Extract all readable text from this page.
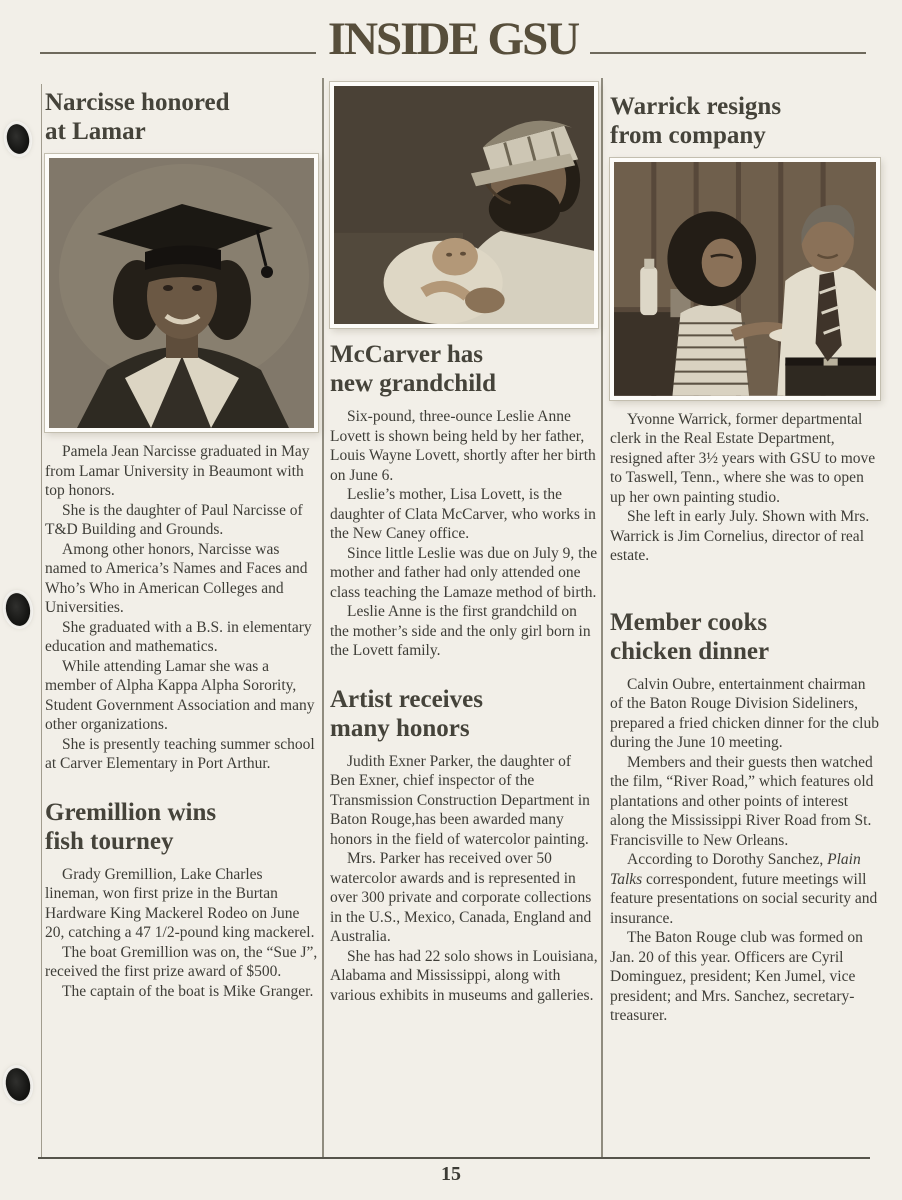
INSIDE GSU
Narcisse honored
at Lamar

Pamela Jean Narcisse graduated in May from Lamar University in Beaumont with top honors.

She is the daughter of Paul Narcisse of T&D Building and Grounds.

Among other honors, Narcisse was named to America’s Names and Faces and Who’s Who in American Colleges and Universities.

She graduated with a B.S. in elementary education and mathematics.

While attending Lamar she was a member of Alpha Kappa Alpha Sorority, Student Government Association and many other organizations.

She is presently teaching summer school at Carver Elementary in Port Arthur.

Gremillion wins
fish tourney

Grady Gremillion, Lake Charles lineman, won first prize in the Burtan Hardware King Mackerel Rodeo on June 20, catching a 47 1/2-pound king mackerel.

The boat Gremillion was on, the “Sue J”, received the first prize award of $500.

The captain of the boat is Mike Granger.

McCarver has
new grandchild

Six-pound, three-ounce Leslie Anne Lovett is shown being held by her father, Louis Wayne Lovett, shortly after her birth on June 6.

Leslie’s mother, Lisa Lovett, is the daughter of Clata McCarver, who works in the New Caney office.

Since little Leslie was due on July 9, the mother and father had only attended one class teaching the Lamaze method of birth.

Leslie Anne is the first grandchild on the mother’s side and the only girl born in the Lovett family.

Artist receives
many honors

Judith Exner Parker, the daughter of Ben Exner, chief inspector of the Transmission Construction Department in Baton Rouge,has been awarded many honors in the field of watercolor painting.

Mrs. Parker has received over 50 watercolor awards and is represented in over 300 private and corporate collections in the U.S., Mexico, Canada, England and Australia.

She has had 22 solo shows in Louisiana, Alabama and Mississippi, along with various exhibits in museums and galleries.

Warrick resigns
from company

Yvonne Warrick, former departmental clerk in the Real Estate Department, resigned after 3½ years with GSU to move to Taswell, Tenn., where she was to open up her own painting studio.

She left in early July. Shown with Mrs. Warrick is Jim Cornelius, director of real estate.

Member cooks
chicken dinner

Calvin Oubre, entertainment chairman of the Baton Rouge Division Sideliners, prepared a fried chicken dinner for the club during the June 10 meeting.

Members and their guests then watched the film, “River Road,” which features old plantations and other points of interest along the Mississippi River Road from St. Francisville to New Orleans.

According to Dorothy Sanchez, Plain Talks correspondent, future meetings will feature presentations on social security and insurance.

The Baton Rouge club was formed on Jan. 20 of this year. Officers are Cyril Dominguez, president; Ken Jumel, vice president; and Mrs. Sanchez, secretary-treasurer.

15
